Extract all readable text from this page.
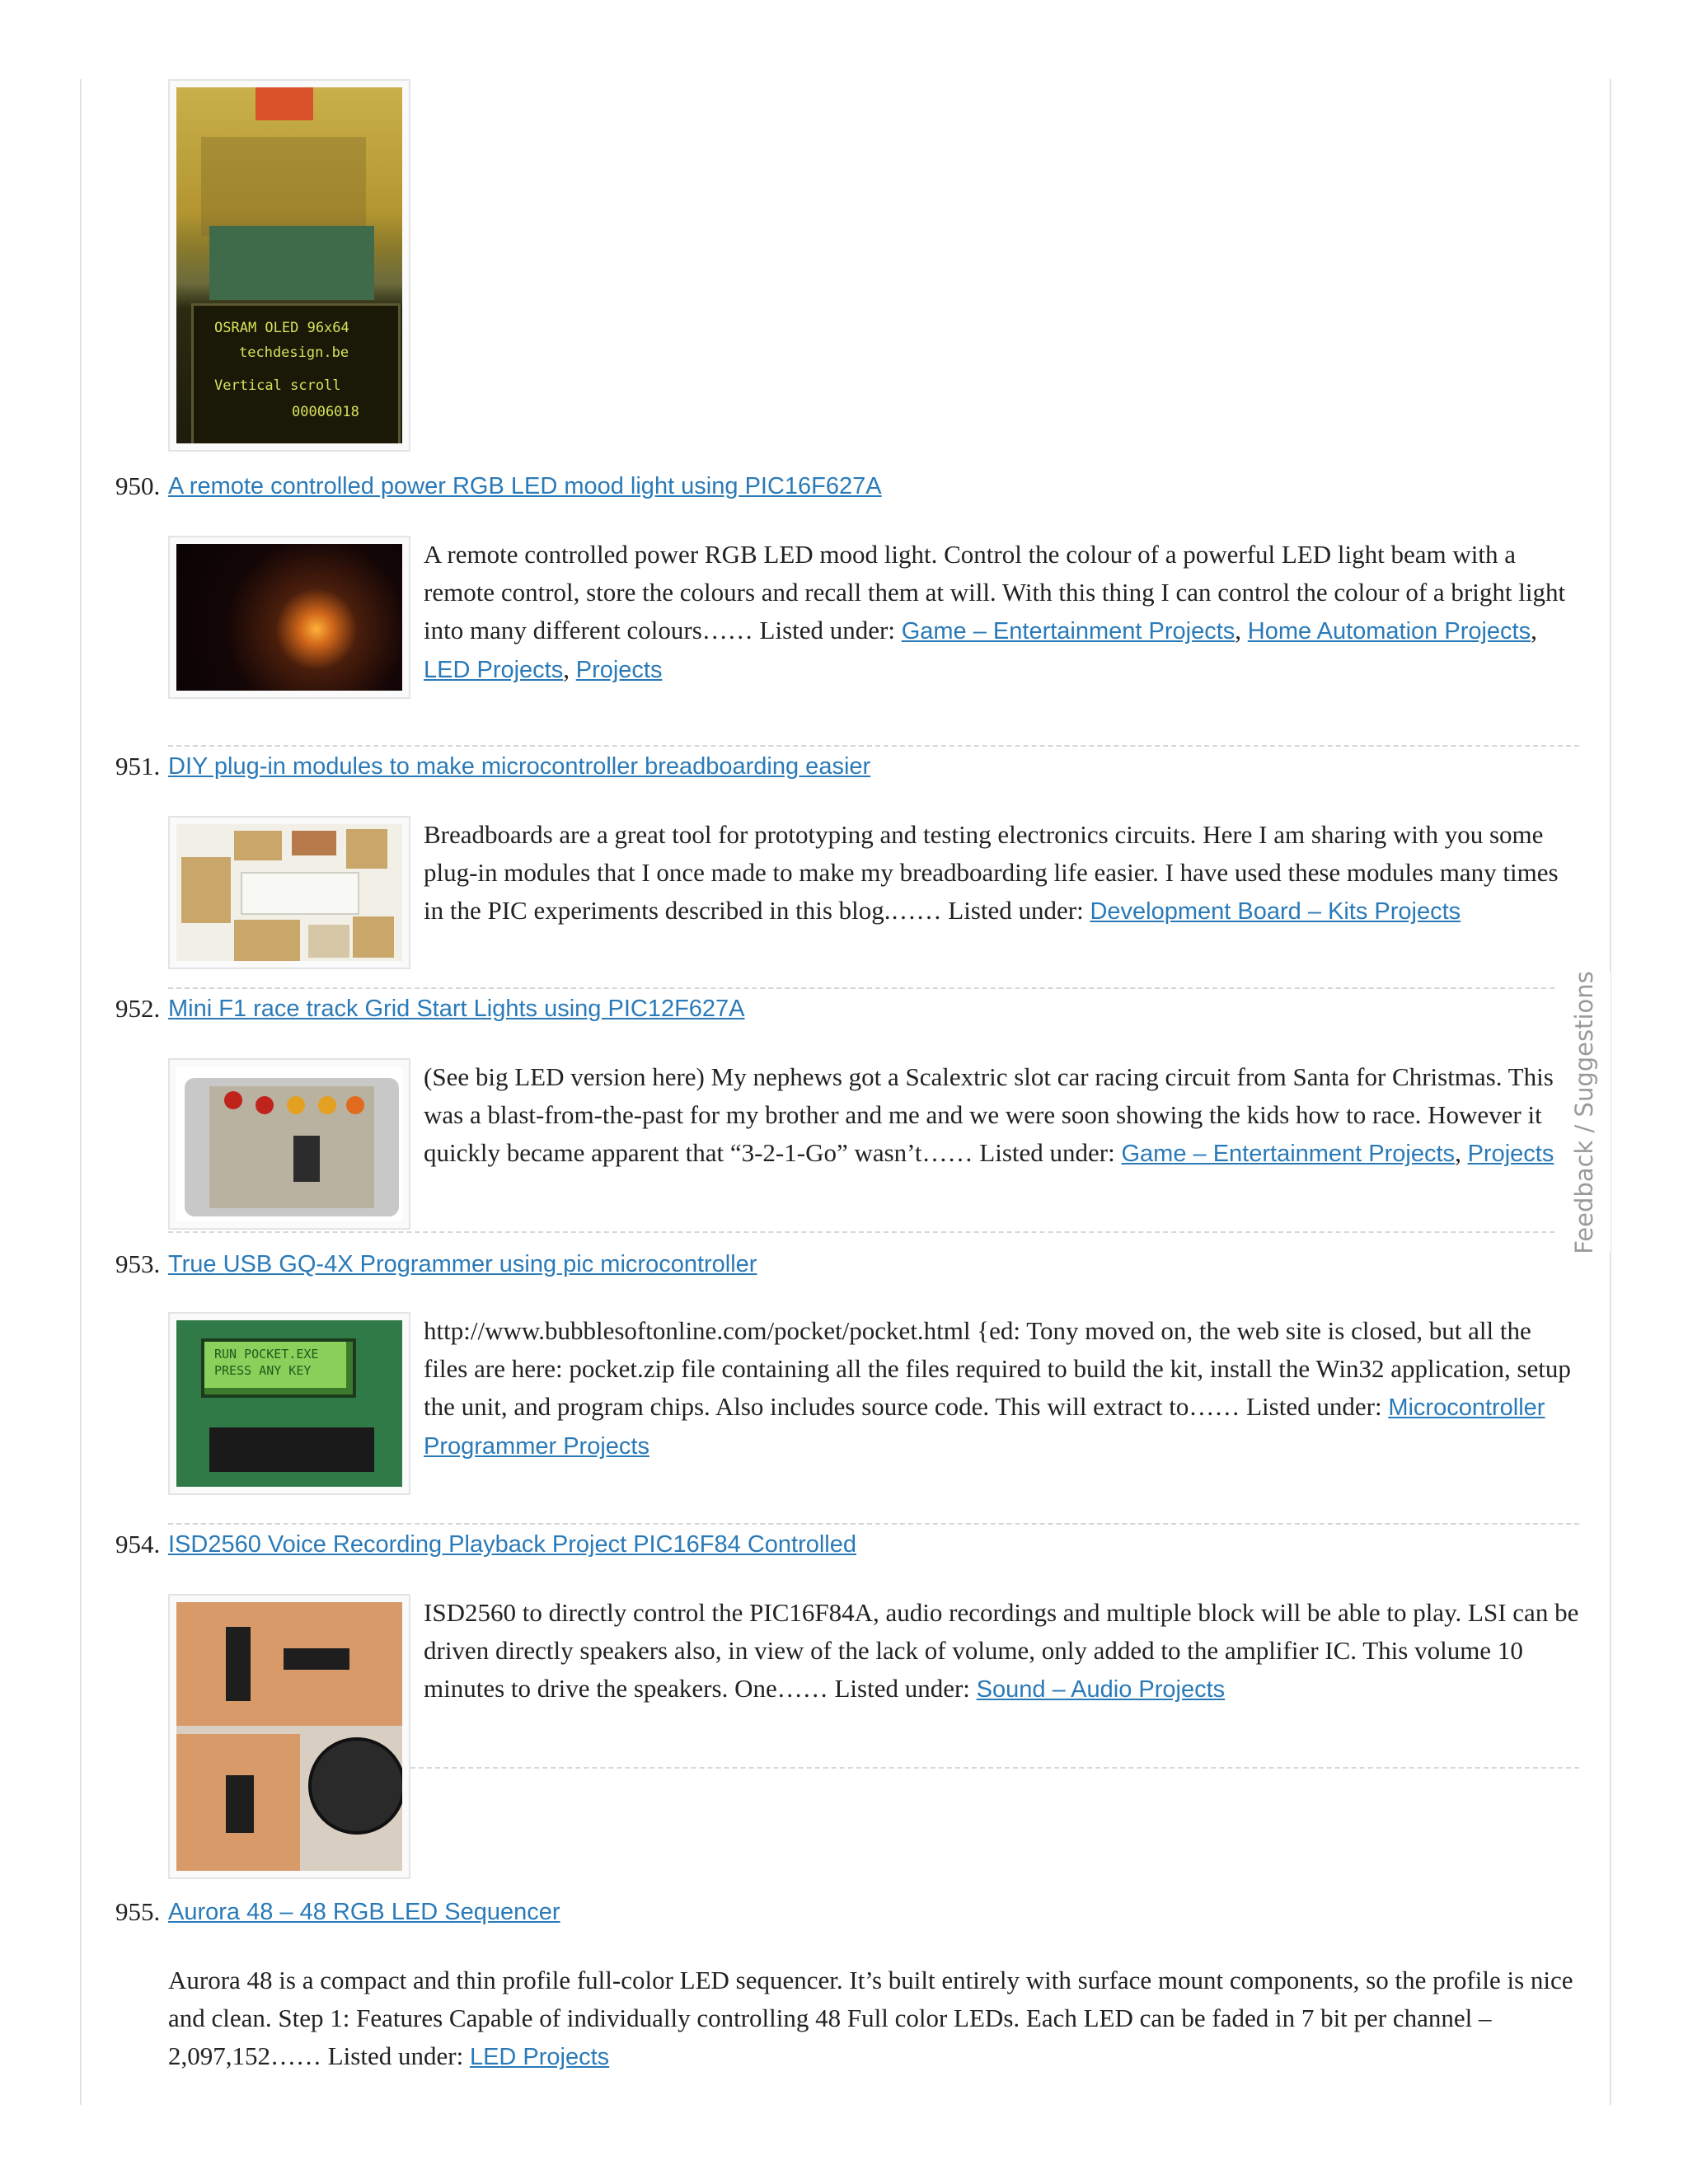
OSRAM OLED 96x64
techdesign.be
Vertical scroll
00006018
950. A remote controlled power RGB LED mood light using PIC16F627A
A remote controlled power RGB LED mood light. Control the colour of a powerful LED light beam with a remote control, store the colours and recall them at will. With this thing I can control the colour of a bright light into many different colours…… Listed under: Game – Entertainment Projects, Home Automation Projects, LED Projects, Projects
951. DIY plug-in modules to make microcontroller breadboarding easier
Breadboards are a great tool for prototyping and testing electronics circuits. Here I am sharing with you some plug-in modules that I once made to make my breadboarding life easier. I have used these modules many times in the PIC experiments described in this blog.…… Listed under: Development Board – Kits Projects
952. Mini F1 race track Grid Start Lights using PIC12F627A
(See big LED version here) My nephews got a Scalextric slot car racing circuit from Santa for Christmas. This was a blast-from-the-past for my brother and me and we were soon showing the kids how to race. However it quickly became apparent that “3-2-1-Go” wasn’t…… Listed under: Game – Entertainment Projects, Projects
953. True USB GQ-4X Programmer using pic microcontroller
RUN POCKET.EXE
PRESS ANY KEY
http://www.bubblesoftonline.com/pocket/pocket.html {ed: Tony moved on, the web site is closed, but all the files are here: pocket.zip file containing all the files required to build the kit, install the Win32 application, setup the unit, and program chips. Also includes source code. This will extract to…… Listed under: Microcontroller Programmer Projects
954. ISD2560 Voice Recording Playback Project PIC16F84 Controlled
ISD2560 to directly control the PIC16F84A, audio recordings and multiple block will be able to play. LSI can be driven directly speakers also, in view of the lack of volume, only added to the amplifier IC. This volume 10 minutes to drive the speakers. One…… Listed under: Sound – Audio Projects
955. Aurora 48 – 48 RGB LED Sequencer
Aurora 48 is a compact and thin profile full-color LED sequencer. It’s built entirely with surface mount components, so the profile is nice and clean. Step 1: Features Capable of individually controlling 48 Full color LEDs. Each LED can be faded in 7 bit per channel – 2,097,152…… Listed under: LED Projects
Feedback / Suggestions
